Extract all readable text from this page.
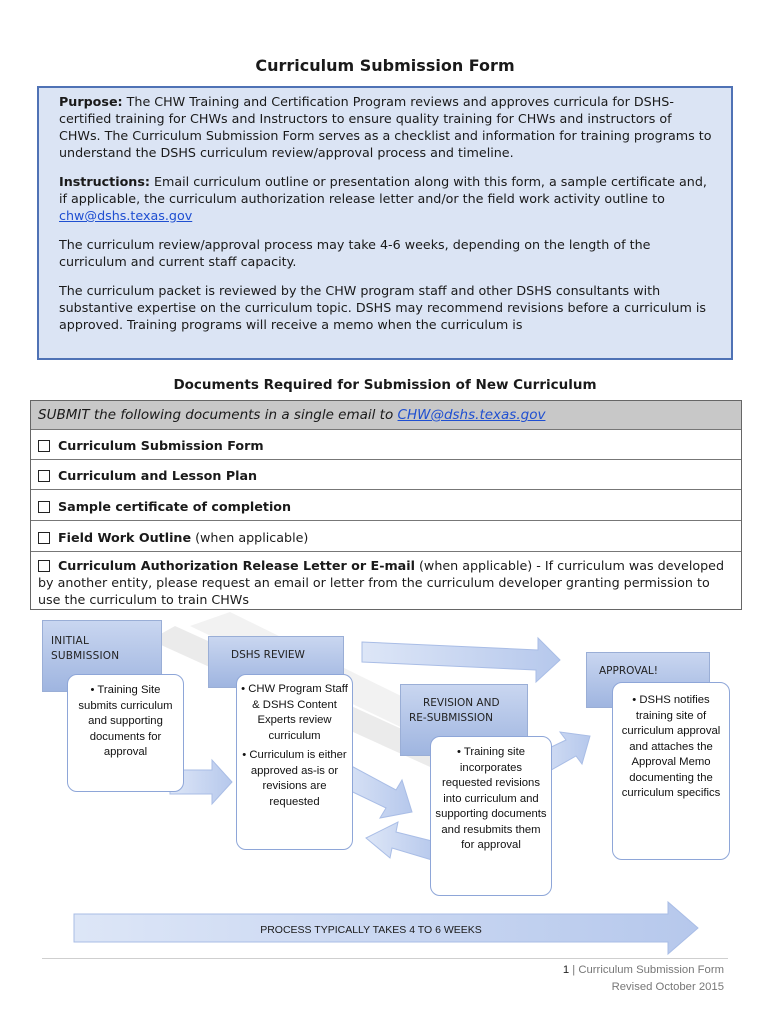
Curriculum Submission Form

Purpose: The CHW Training and Certification Program reviews and approves curricula for DSHS-certified training for CHWs and Instructors to ensure quality training for CHWs and instructors of CHWs. The Curriculum Submission Form serves as a checklist and information for training programs to understand the DSHS curriculum review/approval process and timeline.

Instructions: Email curriculum outline or presentation along with this form, a sample certificate and, if applicable, the curriculum authorization release letter and/or the field work activity outline to chw@dshs.texas.gov

The curriculum review/approval process may take 4-6 weeks, depending on the length of the curriculum and current staff capacity.

The curriculum packet is reviewed by the CHW program staff and other DSHS consultants with substantive expertise on the curriculum topic. DSHS may recommend revisions before a curriculum is approved. Training programs will receive a memo when the curriculum is

Documents Required for Submission of New Curriculum
SUBMIT the following documents in a single email to CHW@dshs.texas.gov
Curriculum Submission Form
Curriculum and Lesson Plan
Sample certificate of completion
Field Work Outline (when applicable)
Curriculum Authorization Release Letter or E-mail (when applicable) - If curriculum was developed by another entity, please request an email or letter from the curriculum developer granting permission to use the curriculum to train CHWs
INITIAL
SUBMISSION
• Training Site submits curriculum and supporting documents for approval
DSHS REVIEW
• CHW Program Staff & DSHS Content Experts review curriculum
• Curriculum is either approved as-is or revisions are requested
REVISION AND
RE-SUBMISSION
• Training site incorporates requested revisions into curriculum and supporting documents and resubmits them for approval
APPROVAL!
• DSHS notifies training site of curriculum approval and attaches the Approval Memo documenting the curriculum specifics
PROCESS TYPICALLY TAKES 4 TO 6 WEEKS
1 | Curriculum Submission Form
Revised October 2015
